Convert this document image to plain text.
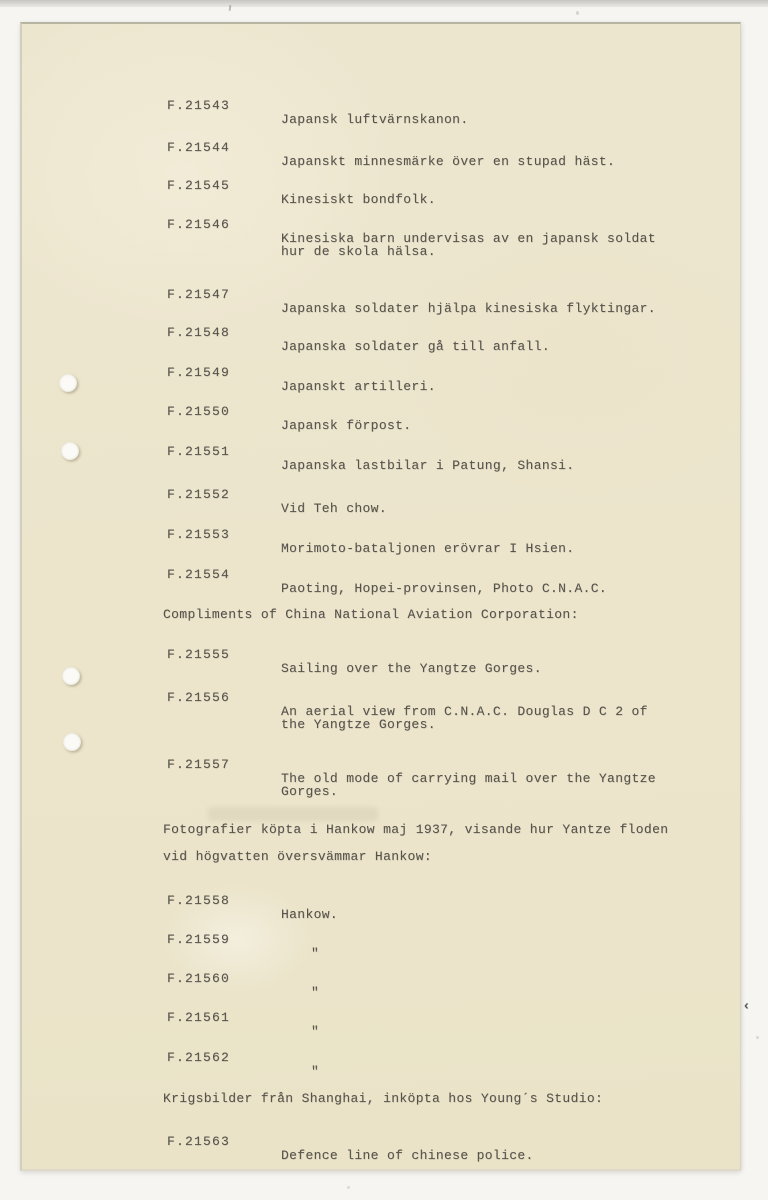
F.21543

Japansk luftvärnskanon.

F.21544

Japanskt minnesmärke över en stupad häst.

F.21545

Kinesiskt bondfolk.

F.21546

Kinesiska barn undervisas av en japansk soldat

hur de skola hälsa.

F.21547

Japanska soldater hjälpa kinesiska flyktingar.

F.21548

Japanska soldater gå till anfall.

F.21549

Japanskt artilleri.

F.21550

Japansk förpost.

F.21551

Japanska lastbilar i Patung, Shansi.

F.21552

Vid Teh chow.

F.21553

Morimoto-bataljonen erövrar I Hsien.

F.21554

Paoting, Hopei-provinsen, Photo C.N.A.C.

Compliments of China National Aviation Corporation:

F.21555

Sailing over the Yangtze Gorges.

F.21556

An aerial view from C.N.A.C. Douglas D C 2 of

the Yangtze Gorges.

F.21557

The old mode of carrying mail over the Yangtze

Gorges.

Fotografier köpta i Hankow maj 1937, visande hur Yantze floden

vid högvatten översvämmar Hankow:

F.21558

Hankow.

F.21559

"

F.21560

"

F.21561

"

F.21562

"

Krigsbilder från Shanghai, inköpta hos Young´s Studio:

F.21563

Defence line of chinese police.

‹
